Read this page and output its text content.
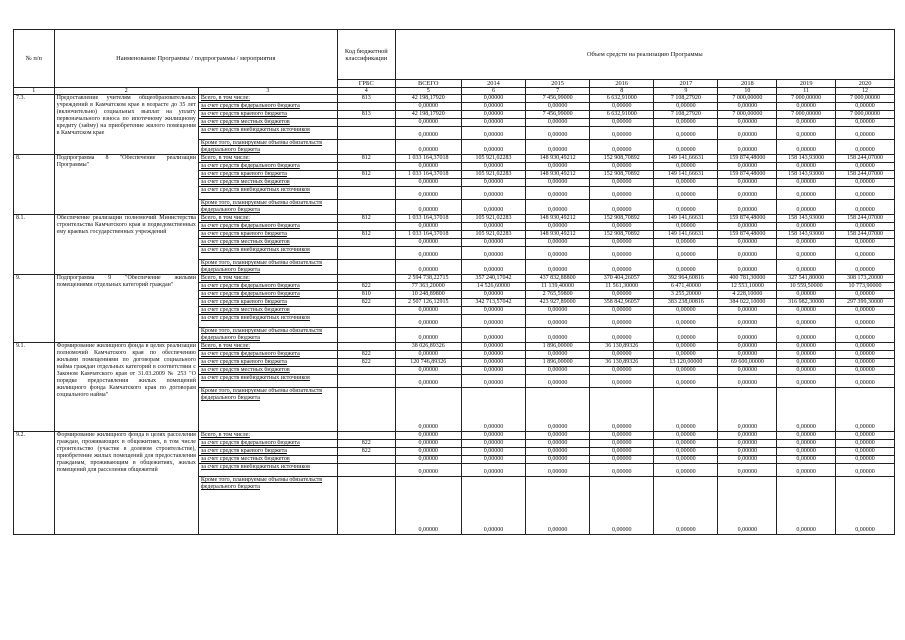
№ п/п	Наименование Программы / подпрограммы / мероприятия		Код бюджетной классификации	Объем средств на реализацию Программы							
			ГРБС	ВСЕГО	2014	2015	2016	2017	2018	2019	2020
1	2	3	4	5	6	7	8	9	10	11	12
7.3.	Предоставление учителям общеобразовательных учреждений в Камчатском крае в возрасте до 35 лет (включительно) социальных выплат на уплату первоначального взноса по ипотечному жилищному кредиту (займу) на приобретение жилого помещения в Камчатском крае	Всего, в том числе:	813	42 198,17920	0,00000	7 456,99000	6 632,91000	7 108,27920	7 000,00000	7 000,00000	7 000,00000
		за счет средств федерального бюджета		0,00000	0,00000	0,00000	0,00000	0,00000	0,00000	0,00000	0,00000
		за счет средств краевого бюджета	813	42 198,17920	0,00000	7 456,99000	6 632,91000	7 108,27920	7 000,00000	7 000,00000	7 000,00000
		за счет средств местных бюджетов		0,00000	0,00000	0,00000	0,00000	0,00000	0,00000	0,00000	0,00000
		за счет средств внебюджетных источников		0,00000	0,00000	0,00000	0,00000	0,00000	0,00000	0,00000	0,00000
		Кроме того, планируемые объемы обязательств федерального бюджета		0,00000	0,00000	0,00000	0,00000	0,00000	0,00000	0,00000	0,00000
8.	Подпрограмма 8 "Обеспечение реализации Программы"	Всего, в том числе:	812	1 033 164,37018	105 921,02283	148 930,49212	152 908,70892	149 141,66631	159 874,48000	158 143,93000	158 244,07000
		за счет средств федерального бюджета		0,00000	0,00000	0,00000	0,00000	0,00000	0,00000	0,00000	0,00000
		за счет средств краевого бюджета	812	1 033 164,37018	105 921,02283	148 930,49212	152 908,70892	149 141,66631	159 874,48000	158 143,93000	158 244,07000
		за счет средств местных бюджетов		0,00000	0,00000	0,00000	0,00000	0,00000	0,00000	0,00000	0,00000
		за счет средств внебюджетных источников		0,00000	0,00000	0,00000	0,00000	0,00000	0,00000	0,00000	0,00000
		Кроме того, планируемые объемы обязательств федерального бюджета		0,00000	0,00000	0,00000	0,00000	0,00000	0,00000	0,00000	0,00000
8.1.	Обеспечение реализации полномочий Министерства строительства Камчатского края и подведомственных ему краевых государственных учреждений	Всего, в том числе:	812	1 033 164,37018	105 921,02283	148 930,49212	152 908,70892	149 141,66631	159 874,48000	158 143,93000	158 244,07000
		за счет средств федерального бюджета		0,00000	0,00000	0,00000	0,00000	0,00000	0,00000	0,00000	0,00000
		за счет средств краевого бюджета	812	1 033 164,37018	105 921,02283	148 930,49212	152 908,70892	149 141,66631	159 874,48000	158 143,93000	158 244,07000
		за счет средств местных бюджетов		0,00000	0,00000	0,00000	0,00000	0,00000	0,00000	0,00000	0,00000
		за счет средств внебюджетных источников		0,00000	0,00000	0,00000	0,00000	0,00000	0,00000	0,00000	0,00000
		Кроме того, планируемые объемы обязательств федерального бюджета		0,00000	0,00000	0,00000	0,00000	0,00000	0,00000	0,00000	0,00000
9.	Подпрограмма 9 "Обеспечение жилыми помещениями отдельных категорий граждан"	Всего, в том числе:		2 594 738,22715	357 240,17042	437 832,88800	370 404,26057	392 964,60816	400 781,30000	327 541,80000	308 173,20000
		за счет средств федерального бюджета	822	77 363,20000	14 526,60000	11 139,40000	11 561,30000	6 471,40000	12 553,10000	10 559,50000	10 773,90000
		за счет средств федерального бюджета	810	10 248,89800	0,00000	2 765,59800	0,00000	3 255,20000	4 228,10000	0,00000	0,00000
		за счет средств краевого бюджета	822	2 507 126,12915	342 713,57042	423 927,89000	358 842,96057	383 238,00816	384 022,10000	316 982,30000	297 399,30000
		за счет средств местных бюджетов		0,00000	0,00000	0,00000	0,00000	0,00000	0,00000	0,00000	0,00000
		за счет средств внебюджетных источников		0,00000	0,00000	0,00000	0,00000	0,00000	0,00000	0,00000	0,00000
		Кроме того, планируемые объемы обязательств федерального бюджета		0,00000	0,00000	0,00000	0,00000	0,00000	0,00000	0,00000	0,00000
9.1.	Формирование жилищного фонда в целях реализации полномочий Камчатского края по обеспечению жилыми помещениями по договорам социального найма граждан отдельных категорий в соответствии с Законом Камчатского края от 31.03.2009 № 253 "О порядке предоставления жилых помещений жилищного фонда Камчатского края по договорам социального найма"	Всего, в том числе:		38 026,89326	0,00000	1 896,00000	36 130,89326	0,00000	0,00000	0,00000	0,00000
		за счет средств федерального бюджета	822	0,00000	0,00000	0,00000	0,00000	0,00000	0,00000	0,00000	0,00000
		за счет средств краевого бюджета	822	120 746,89326	0,00000	1 896,00000	36 130,89326	13 120,00000	69 600,00000	0,00000	0,00000
		за счет средств местных бюджетов		0,00000	0,00000	0,00000	0,00000	0,00000	0,00000	0,00000	0,00000
		за счет средств внебюджетных источников		0,00000	0,00000	0,00000	0,00000	0,00000	0,00000	0,00000	0,00000
		Кроме того, планируемые объемы обязательств федерального бюджета		0,00000	0,00000	0,00000	0,00000	0,00000	0,00000	0,00000	0,00000
9.2.	Формирование жилищного фонда в целях расселения граждан, проживающих в общежитиях, в том числе строительство (участие в долевом строительстве), приобретение жилых помещений для предоставления гражданам, проживающим в общежитиях, жилых помещений для расселения общежитий	Всего, в том числе:		0,00000	0,00000	0,00000	0,00000	0,00000	0,00000	0,00000	0,00000
		за счет средств федерального бюджета	822	0,00000	0,00000	0,00000	0,00000	0,00000	0,00000	0,00000	0,00000
		за счет средств краевого бюджета	822	0,00000	0,00000	0,00000	0,00000	0,00000	0,00000	0,00000	0,00000
		за счет средств местных бюджетов		0,00000	0,00000	0,00000	0,00000	0,00000	0,00000	0,00000	0,00000
		за счет средств внебюджетных источников		0,00000	0,00000	0,00000	0,00000	0,00000	0,00000	0,00000	0,00000
		Кроме того, планируемые объемы обязательств федерального бюджета		0,00000	0,00000	0,00000	0,00000	0,00000	0,00000	0,00000	0,00000
